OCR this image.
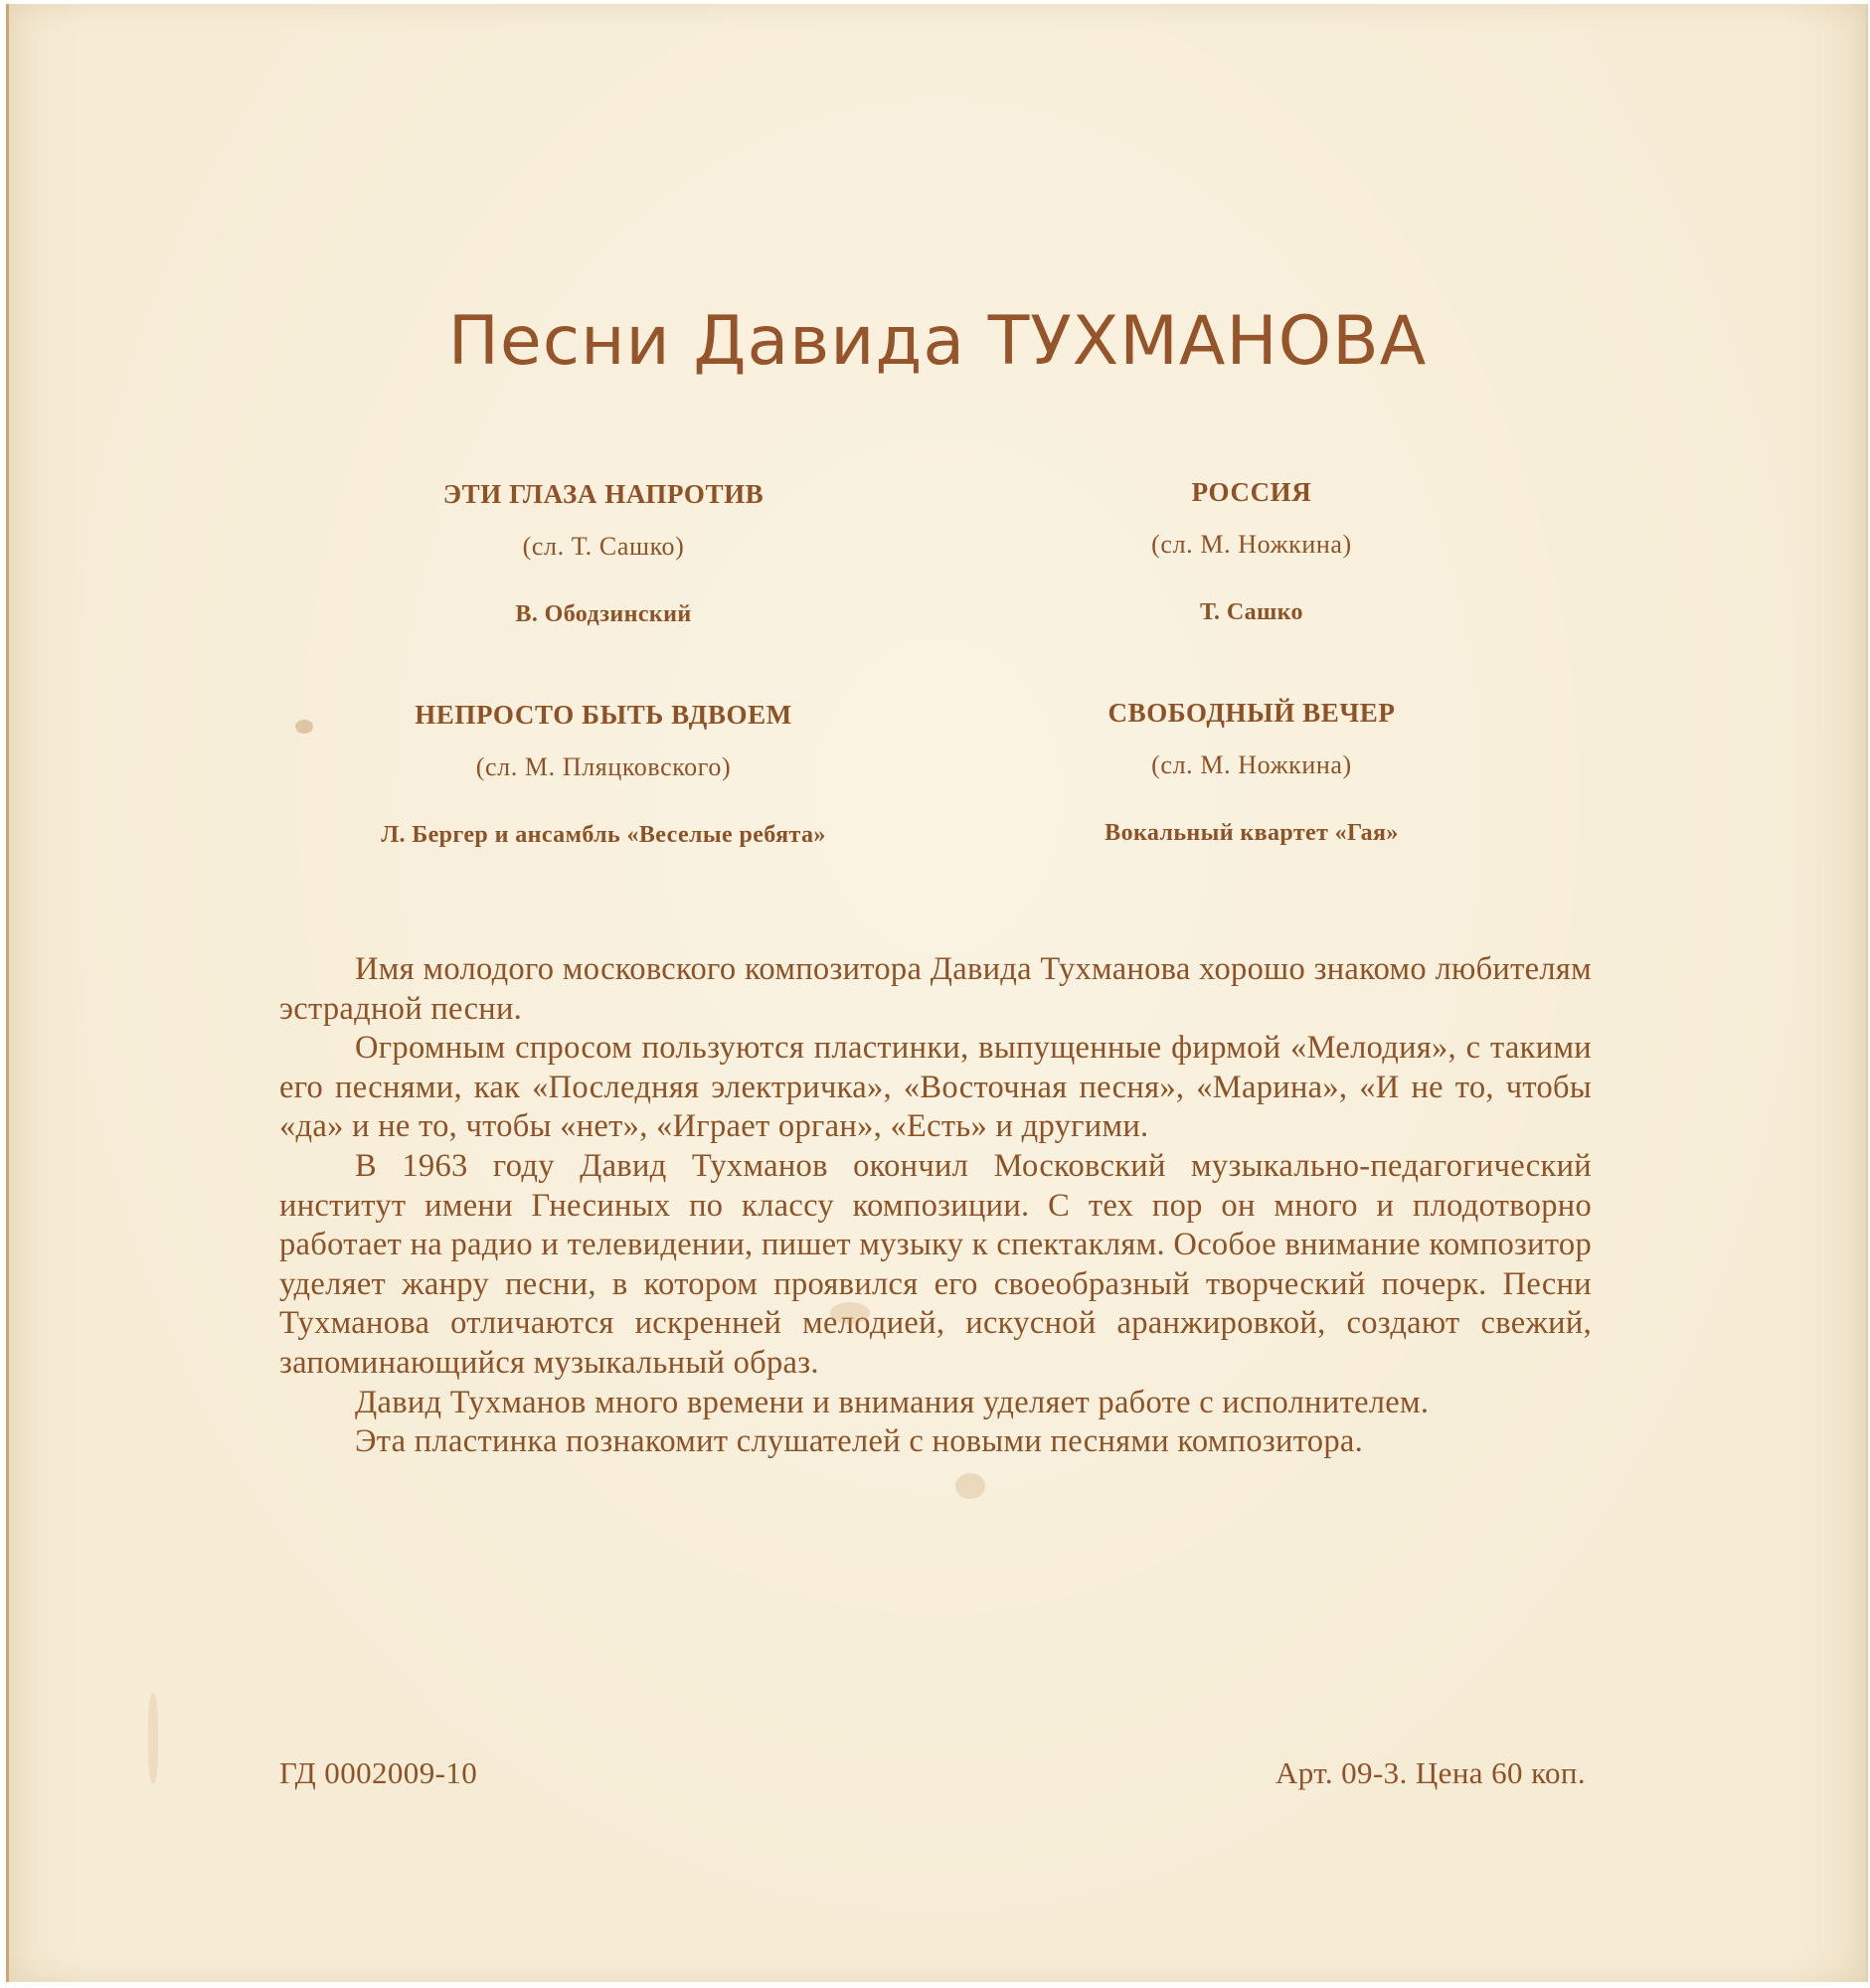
Песни Давида ТУХМАНОВА

ЭТИ ГЛАЗА НАПРОТИВ

(сл. Т. Сашко)

В. Ободзинский

РОССИЯ

(сл. М. Ножкина)

Т. Сашко

НЕПРОСТО БЫТЬ ВДВОЕМ

(сл. М. Пляцковского)

Л. Бергер и ансамбль «Веселые ребята»

СВОБОДНЫЙ ВЕЧЕР

(сл. М. Ножкина)

Вокальный квартет «Гая»

Имя молодого московского композитора Давида Тухманова хорошо знакомо любителям эстрадной песни.

Огромным спросом пользуются пластинки, выпущенные фирмой «Мелодия», с такими его песнями, как «Последняя электричка», «Восточная песня», «Марина», «И не то, чтобы «да» и не то, чтобы «нет», «Играет орган», «Есть» и другими.

В 1963 году Давид Тухманов окончил Московский музыкально-педагогический институт имени Гнесиных по классу композиции. С тех пор он много и плодотворно работает на радио и телевидении, пишет музыку к спектаклям. Особое внимание композитор уделяет жанру песни, в котором проявился его своеобразный творческий почерк. Песни Тухманова отличаются искренней мелодией, искусной аранжировкой, создают свежий, запоминающийся музыкальный образ.

Давид Тухманов много времени и внимания уделяет работе с исполнителем.

Эта пластинка познакомит слушателей с новыми песнями композитора.

ГД 0002009-10	Арт. 09-3. Цена 60 коп.
